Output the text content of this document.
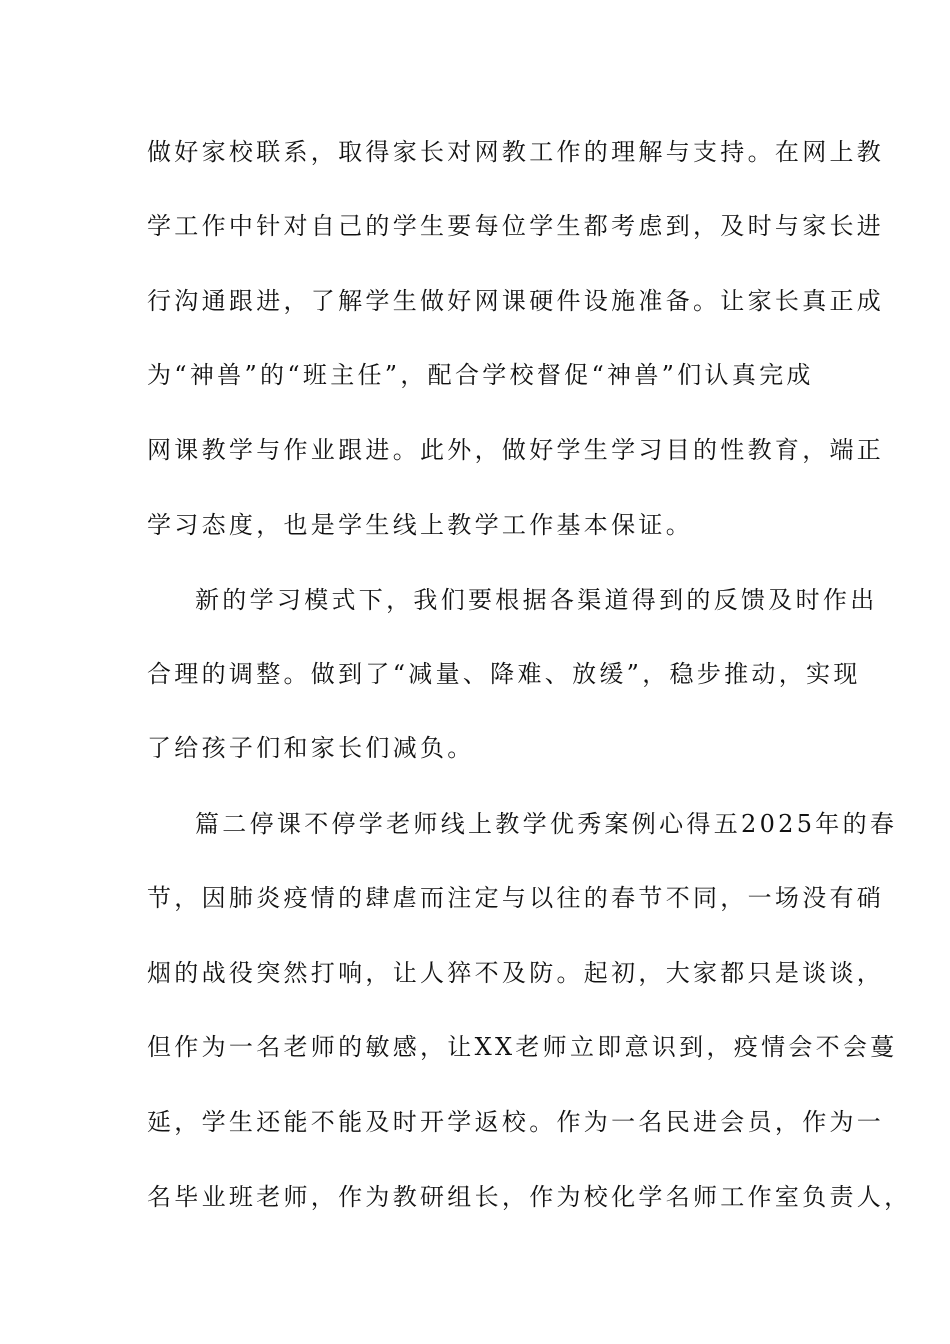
做好家校联系，取得家长对网教工作的理解与支持。在网上教
学工作中针对自己的学生要每位学生都考虑到，及时与家长进
行沟通跟进，了解学生做好网课硬件设施准备。让家长真正成
为“神兽”的“班主任”，配合学校督促“神兽”们认真完成
网课教学与作业跟进。此外，做好学生学习目的性教育，端正
学习态度，也是学生线上教学工作基本保证。
新的学习模式下，我们要根据各渠道得到的反馈及时作出
合理的调整。做到了“减量、降难、放缓”，稳步推动，实现
了给孩子们和家长们减负。
篇二停课不停学老师线上教学优秀案例心得五2025年的春
节，因肺炎疫情的肆虐而注定与以往的春节不同，一场没有硝
烟的战役突然打响，让人猝不及防。起初，大家都只是谈谈，
但作为一名老师的敏感，让XX老师立即意识到，疫情会不会蔓
延，学生还能不能及时开学返校。作为一名民进会员，作为一
名毕业班老师，作为教研组长，作为校化学名师工作室负责人，
